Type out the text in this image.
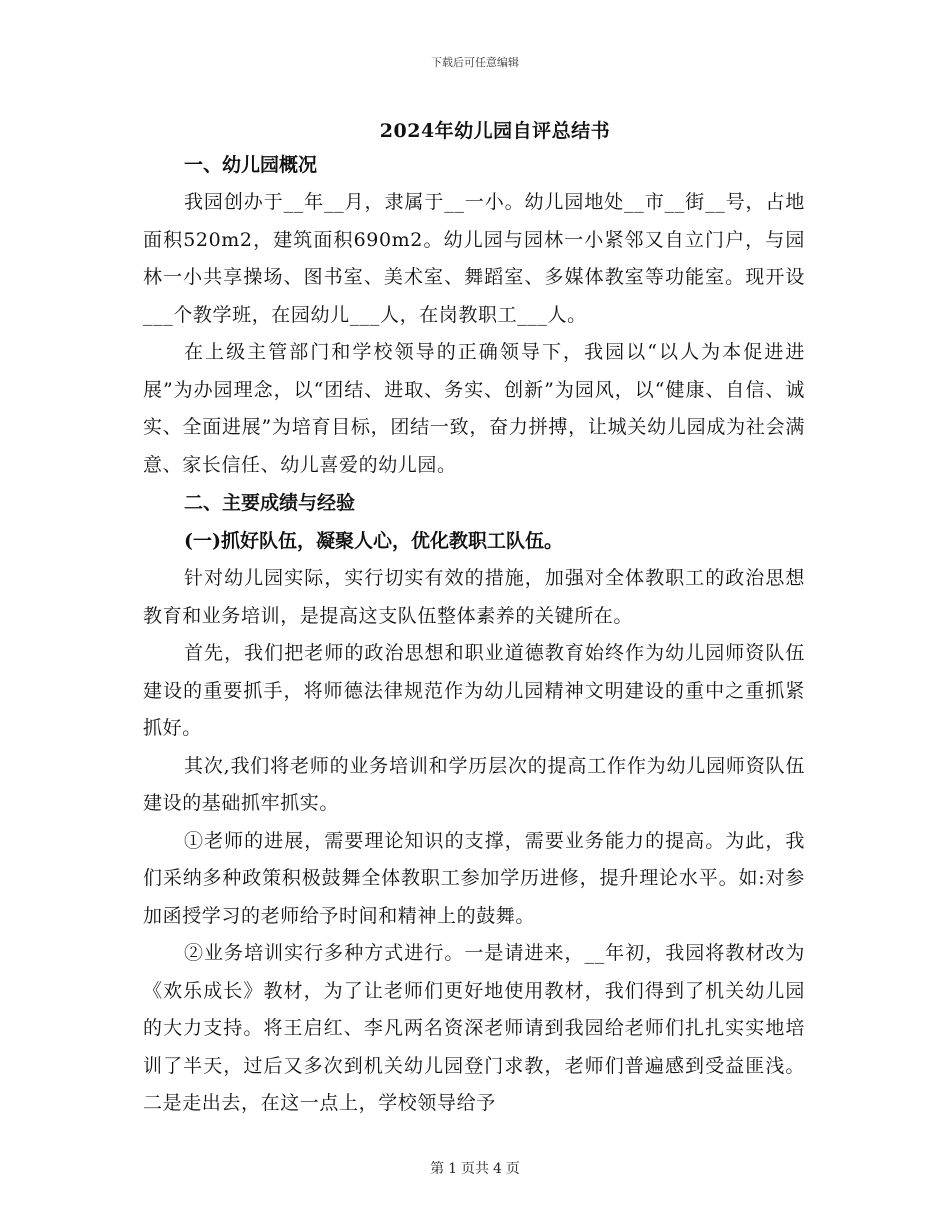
下载后可任意编辑
2024年幼儿园自评总结书

一、幼儿园概况

我园创办于__年__月，隶属于__一小。幼儿园地处__市__街__号，占地面积520m2，建筑面积690m2。幼儿园与园林一小紧邻又自立门户，与园林一小共享操场、图书室、美术室、舞蹈室、多媒体教室等功能室。现开设___个教学班，在园幼儿___人，在岗教职工___人。

在上级主管部门和学校领导的正确领导下，我园以“以人为本促进进展”为办园理念，以“团结、进取、务实、创新”为园风，以“健康、自信、诚实、全面进展”为培育目标，团结一致，奋力拼搏，让城关幼儿园成为社会满意、家长信任、幼儿喜爱的幼儿园。

二、主要成绩与经验

(一)抓好队伍，凝聚人心，优化教职工队伍。

针对幼儿园实际，实行切实有效的措施，加强对全体教职工的政治思想教育和业务培训，是提高这支队伍整体素养的关键所在。

首先，我们把老师的政治思想和职业道德教育始终作为幼儿园师资队伍建设的重要抓手，将师德法律规范作为幼儿园精神文明建设的重中之重抓紧抓好。

其次,我们将老师的业务培训和学历层次的提高工作作为幼儿园师资队伍建设的基础抓牢抓实。

①老师的进展，需要理论知识的支撑，需要业务能力的提高。为此，我们采纳多种政策积极鼓舞全体教职工参加学历进修，提升理论水平。如:对参加函授学习的老师给予时间和精神上的鼓舞。

②业务培训实行多种方式进行。一是请进来，__年初，我园将教材改为《欢乐成长》教材，为了让老师们更好地使用教材，我们得到了机关幼儿园的大力支持。将王启红、李凡两名资深老师请到我园给老师们扎扎实实地培训了半天，过后又多次到机关幼儿园登门求教，老师们普遍感到受益匪浅。二是走出去，在这一点上，学校领导给予

第 1 页共 4 页
